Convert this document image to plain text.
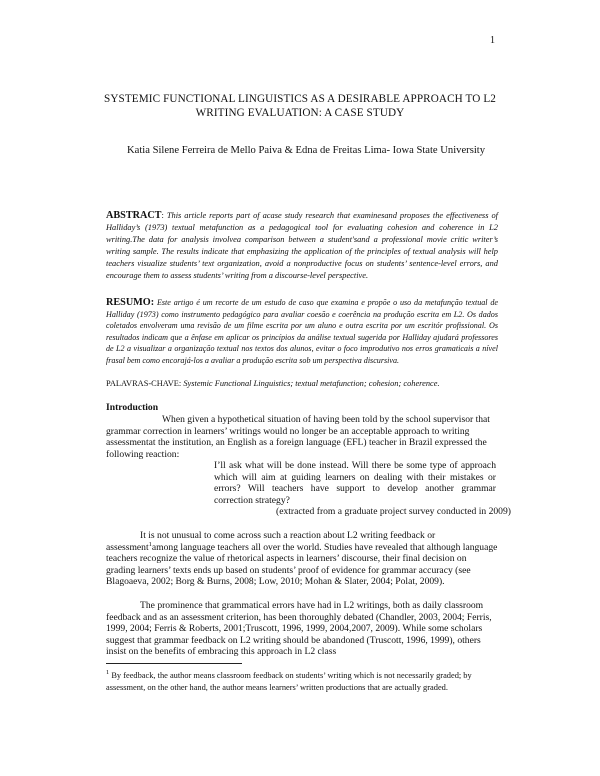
1
SYSTEMIC FUNCTIONAL LINGUISTICS AS A DESIRABLE APPROACH TO L2
WRITING EVALUATION: A CASE STUDY
Katia Silene Ferreira de Mello Paiva & Edna de Freitas Lima- Iowa State University
ABSTRACT: This article reports part of acase study research that examinesand proposes the effectiveness of Halliday’s (1973) textual metafunction as a pedagogical tool for evaluating cohesion and coherence in L2 writing.The data for analysis involvea comparison between a student'sand a professional movie critic writer’s writing sample. The results indicate that emphasizing the application of the principles of textual analysis will help teachers visualize students’ text organization, avoid a nonproductive focus on students’ sentence-level errors, and encourage them to assess students’ writing from a discourse-level perspective.
RESUMO: Este artigo é um recorte de um estudo de caso que examina e propõe o uso da metafunção textual de Halliday (1973) como instrumento pedagógico para avaliar coesão e coerência na produção escrita em L2. Os dados coletados envolveram uma revisão de um filme escrita por um aluno e outra escrita por um escritór profissional. Os resultados indicam que a ênfase em aplicar os princípios da análise textual sugerida por Halliday ajudará professores de L2 a visualizar a organização textual nos textos dos alunos, evitar o foco improdutivo nos erros gramaticais a nível frasal bem como encorajá-los a avaliar a produção escrita sob um perspectiva discursiva.
PALAVRAS-CHAVE: Systemic Functional Linguistics; textual metafunction; cohesion; coherence.
Introduction
When given a hypothetical situation of having been told by the school supervisor that grammar correction in learners’ writings would no longer be an acceptable approach to writing assessmentat the institution, an English as a foreign language (EFL) teacher in Brazil expressed the following reaction:
I’ll ask what will be done instead. Will there be some type of approach which will aim at guiding learners on dealing with their mistakes or errors? Will teachers have support to develop another grammar correction strategy?
(extracted from a graduate project survey conducted in 2009)
It is not unusual to come across such a reaction about L2 writing feedback or assessment$^1$among language teachers all over the world. Studies have revealed that although language teachers recognize the value of rhetorical aspects in learners’ discourse, their final decision on grading learners’ texts ends up based on students’ proof of evidence for grammar accuracy (see Blagoaeva, 2002; Borg & Burns, 2008; Low, 2010; Mohan & Slater, 2004; Polat, 2009).
The prominence that grammatical errors have had in L2 writings, both as daily classroom feedback and as an assessment criterion, has been thoroughly debated (Chandler, 2003, 2004; Ferris, 1999, 2004; Ferris & Roberts, 2001;Truscott, 1996, 1999, 2004,2007, 2009). While some scholars suggest that grammar feedback on L2 writing should be abandoned (Truscott, 1996, 1999), others insist on the benefits of embracing this approach in L2 class
$^1$ By feedback, the author means classroom feedback on students’ writing which is not necessarily graded; by assessment, on the other hand, the author means learners’ written productions that are actually graded.
